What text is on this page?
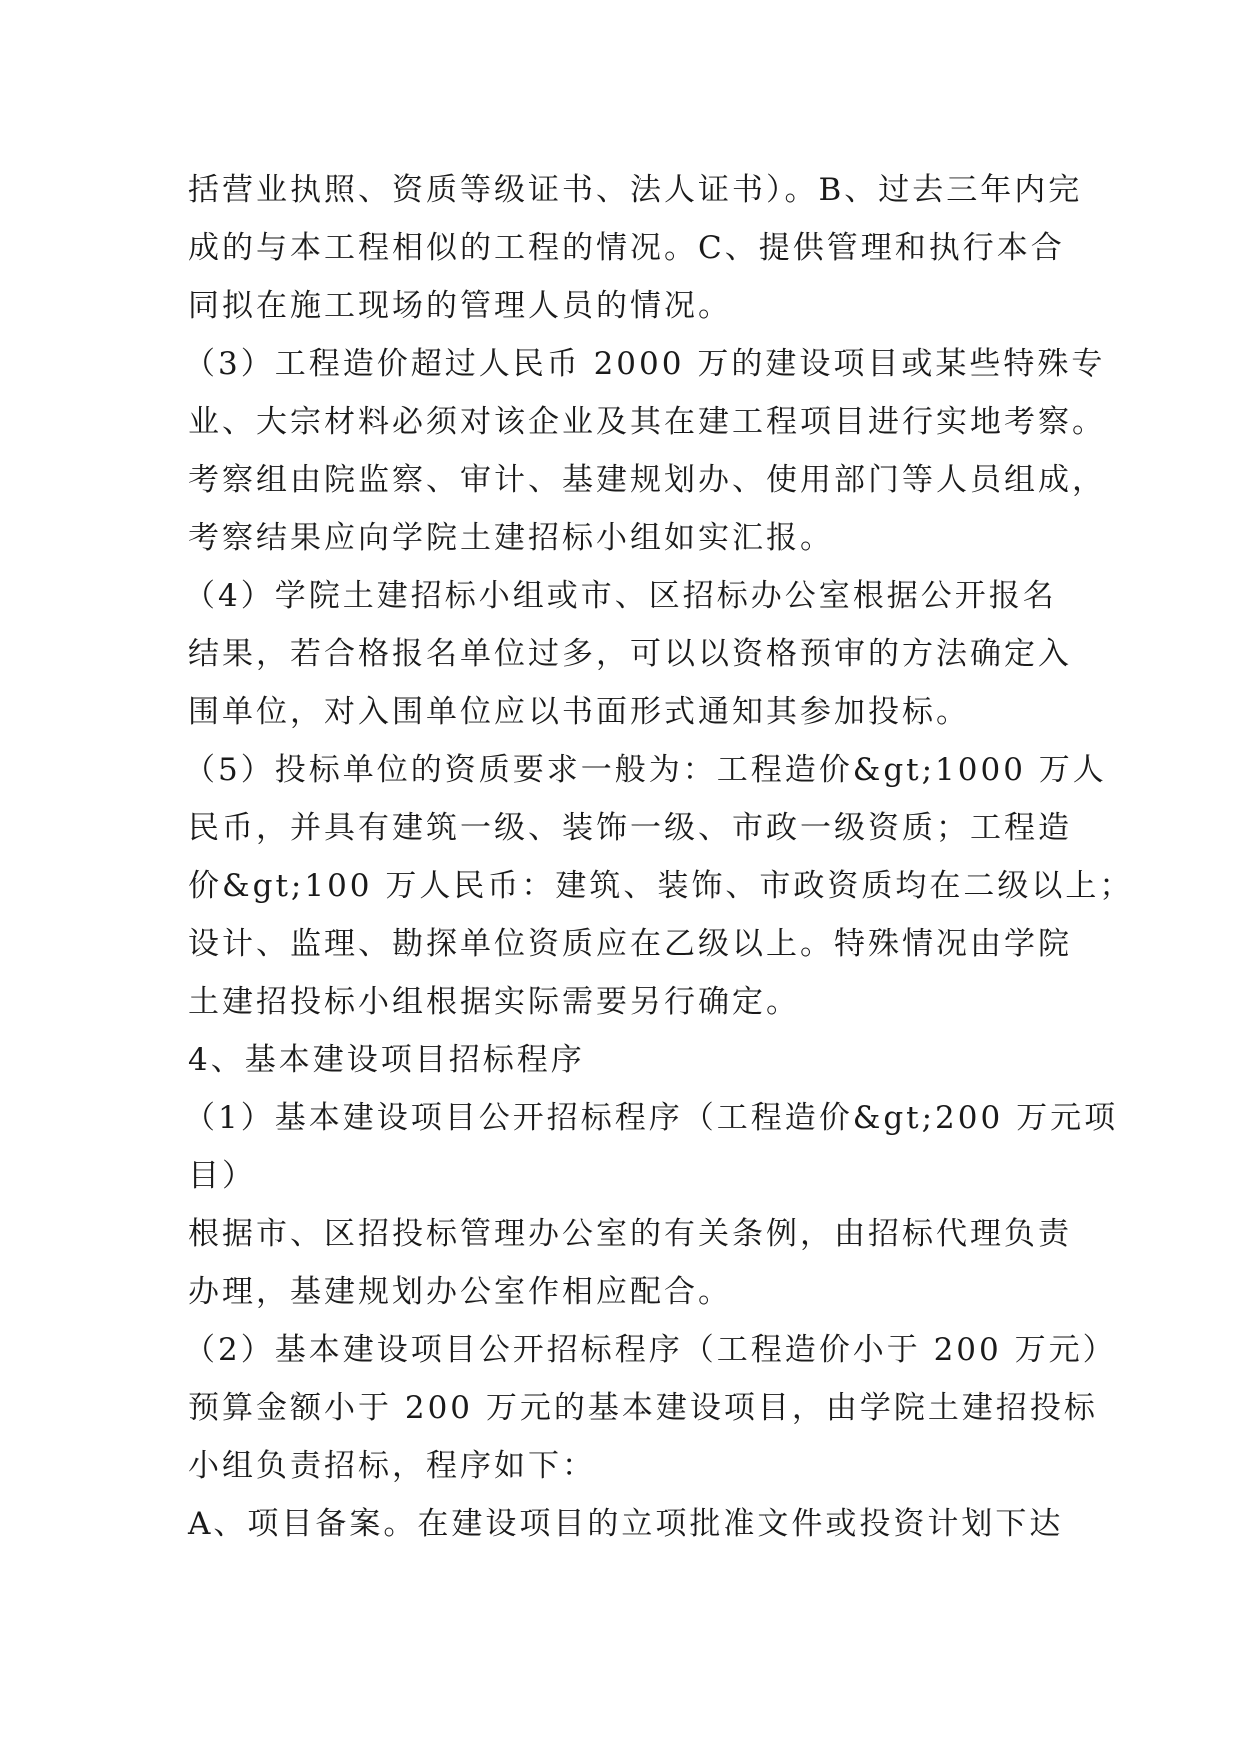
括营业执照、资质等级证书、法人证书）。B、过去三年内完
成的与本工程相似的工程的情况。C、提供管理和执行本合
同拟在施工现场的管理人员的情况。
（3）工程造价超过人民币 2000 万的建设项目或某些特殊专
业、大宗材料必须对该企业及其在建工程项目进行实地考察。
考察组由院监察、审计、基建规划办、使用部门等人员组成，
考察结果应向学院土建招标小组如实汇报。
（4）学院土建招标小组或市、区招标办公室根据公开报名
结果，若合格报名单位过多，可以以资格预审的方法确定入
围单位，对入围单位应以书面形式通知其参加投标。
（5）投标单位的资质要求一般为：工程造价&gt;1000 万人
民币，并具有建筑一级、装饰一级、市政一级资质；工程造
价&gt;100 万人民币：建筑、装饰、市政资质均在二级以上；
设计、监理、勘探单位资质应在乙级以上。特殊情况由学院
土建招投标小组根据实际需要另行确定。
4、基本建设项目招标程序
（1）基本建设项目公开招标程序（工程造价&gt;200 万元项
目）
根据市、区招投标管理办公室的有关条例，由招标代理负责
办理，基建规划办公室作相应配合。
（2）基本建设项目公开招标程序（工程造价小于 200 万元）
预算金额小于 200 万元的基本建设项目，由学院土建招投标
小组负责招标，程序如下：
A、项目备案。在建设项目的立项批准文件或投资计划下达
